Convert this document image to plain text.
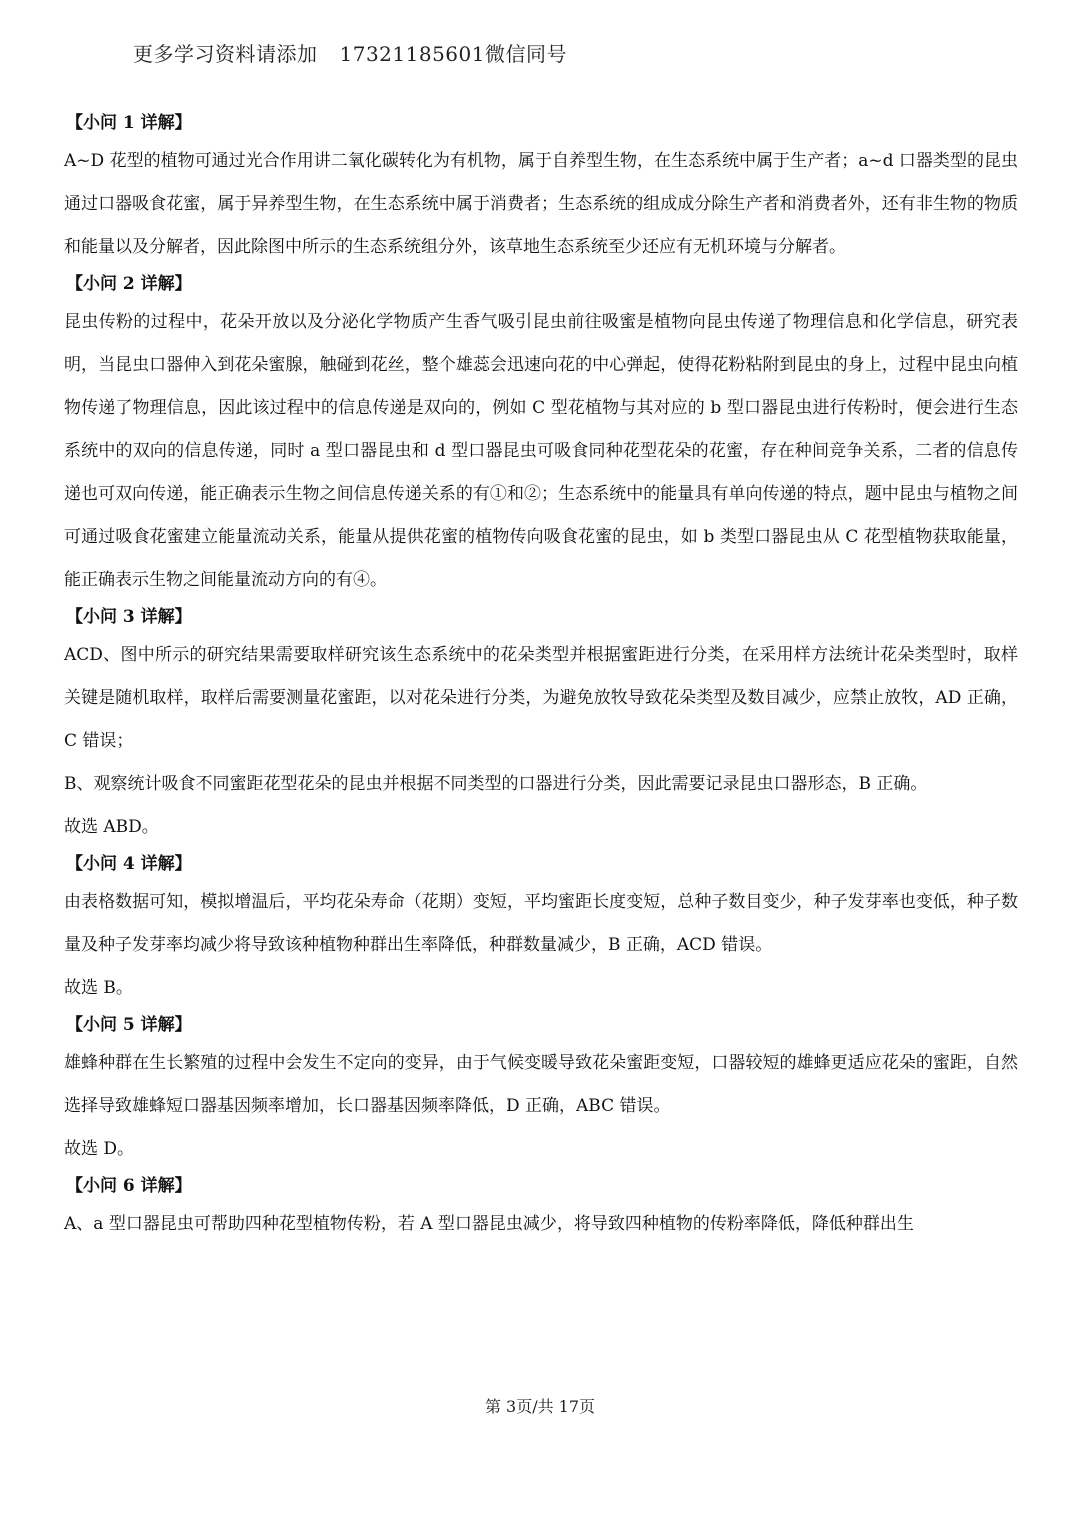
更多学习资料请添加 17321185601微信同号
【小问 1 详解】

A~D 花型的植物可通过光合作用讲二氧化碳转化为有机物，属于自养型生物，在生态系统中属于生产者；a~d 口器类型的昆虫通过口器吸食花蜜，属于异养型生物，在生态系统中属于消费者；生态系统的组成成分除生产者和消费者外，还有非生物的物质和能量以及分解者，因此除图中所示的生态系统组分外，该草地生态系统至少还应有无机环境与分解者。

【小问 2 详解】

昆虫传粉的过程中，花朵开放以及分泌化学物质产生香气吸引昆虫前往吸蜜是植物向昆虫传递了物理信息和化学信息，研究表明，当昆虫口器伸入到花朵蜜腺，触碰到花丝，整个雄蕊会迅速向花的中心弹起，使得花粉粘附到昆虫的身上，过程中昆虫向植物传递了物理信息，因此该过程中的信息传递是双向的，例如 C 型花植物与其对应的 b 型口器昆虫进行传粉时，便会进行生态系统中的双向的信息传递，同时 a 型口器昆虫和 d 型口器昆虫可吸食同种花型花朵的花蜜，存在种间竞争关系，二者的信息传递也可双向传递，能正确表示生物之间信息传递关系的有①和②；生态系统中的能量具有单向传递的特点，题中昆虫与植物之间可通过吸食花蜜建立能量流动关系，能量从提供花蜜的植物传向吸食花蜜的昆虫，如 b 类型口器昆虫从 C 花型植物获取能量，能正确表示生物之间能量流动方向的有④。

【小问 3 详解】

ACD、图中所示的研究结果需要取样研究该生态系统中的花朵类型并根据蜜距进行分类，在采用样方法统计花朵类型时，取样关键是随机取样，取样后需要测量花蜜距，以对花朵进行分类，为避免放牧导致花朵类型及数目减少，应禁止放牧，AD 正确，C 错误；

B、观察统计吸食不同蜜距花型花朵的昆虫并根据不同类型的口器进行分类，因此需要记录昆虫口器形态，B 正确。

故选 ABD。

【小问 4 详解】

由表格数据可知，模拟增温后，平均花朵寿命（花期）变短，平均蜜距长度变短，总种子数目变少，种子发芽率也变低，种子数量及种子发芽率均减少将导致该种植物种群出生率降低，种群数量减少，B 正确，ACD 错误。

故选 B。

【小问 5 详解】

雄蜂种群在生长繁殖的过程中会发生不定向的变异，由于气候变暖导致花朵蜜距变短，口器较短的雄蜂更适应花朵的蜜距，自然选择导致雄蜂短口器基因频率增加，长口器基因频率降低，D 正确，ABC 错误。

故选 D。

【小问 6 详解】

A、a 型口器昆虫可帮助四种花型植物传粉，若 A 型口器昆虫减少，将导致四种植物的传粉率降低，降低种群出生

第 3页/共 17页
